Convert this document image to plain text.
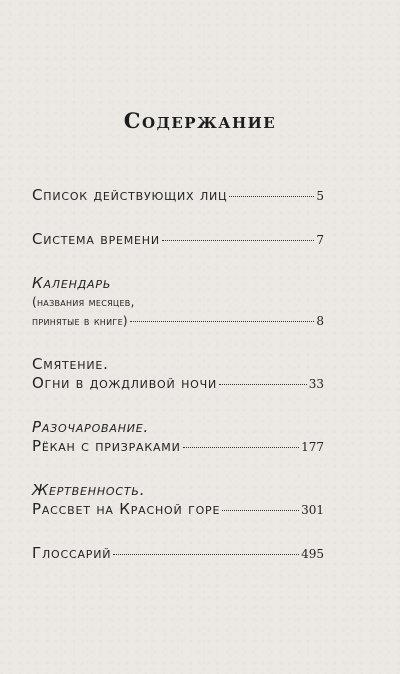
Содержание
Список действующих лиц	5
Система времени	7
Календарь
(названия месяцев,
принятые в книге)	8
Смятение.
Огни в дождливой ночи	33
Разочарование.
Рёкан с призраками	177
Жертвенность.
Рассвет на Красной горе	301
Глоссарий	495
